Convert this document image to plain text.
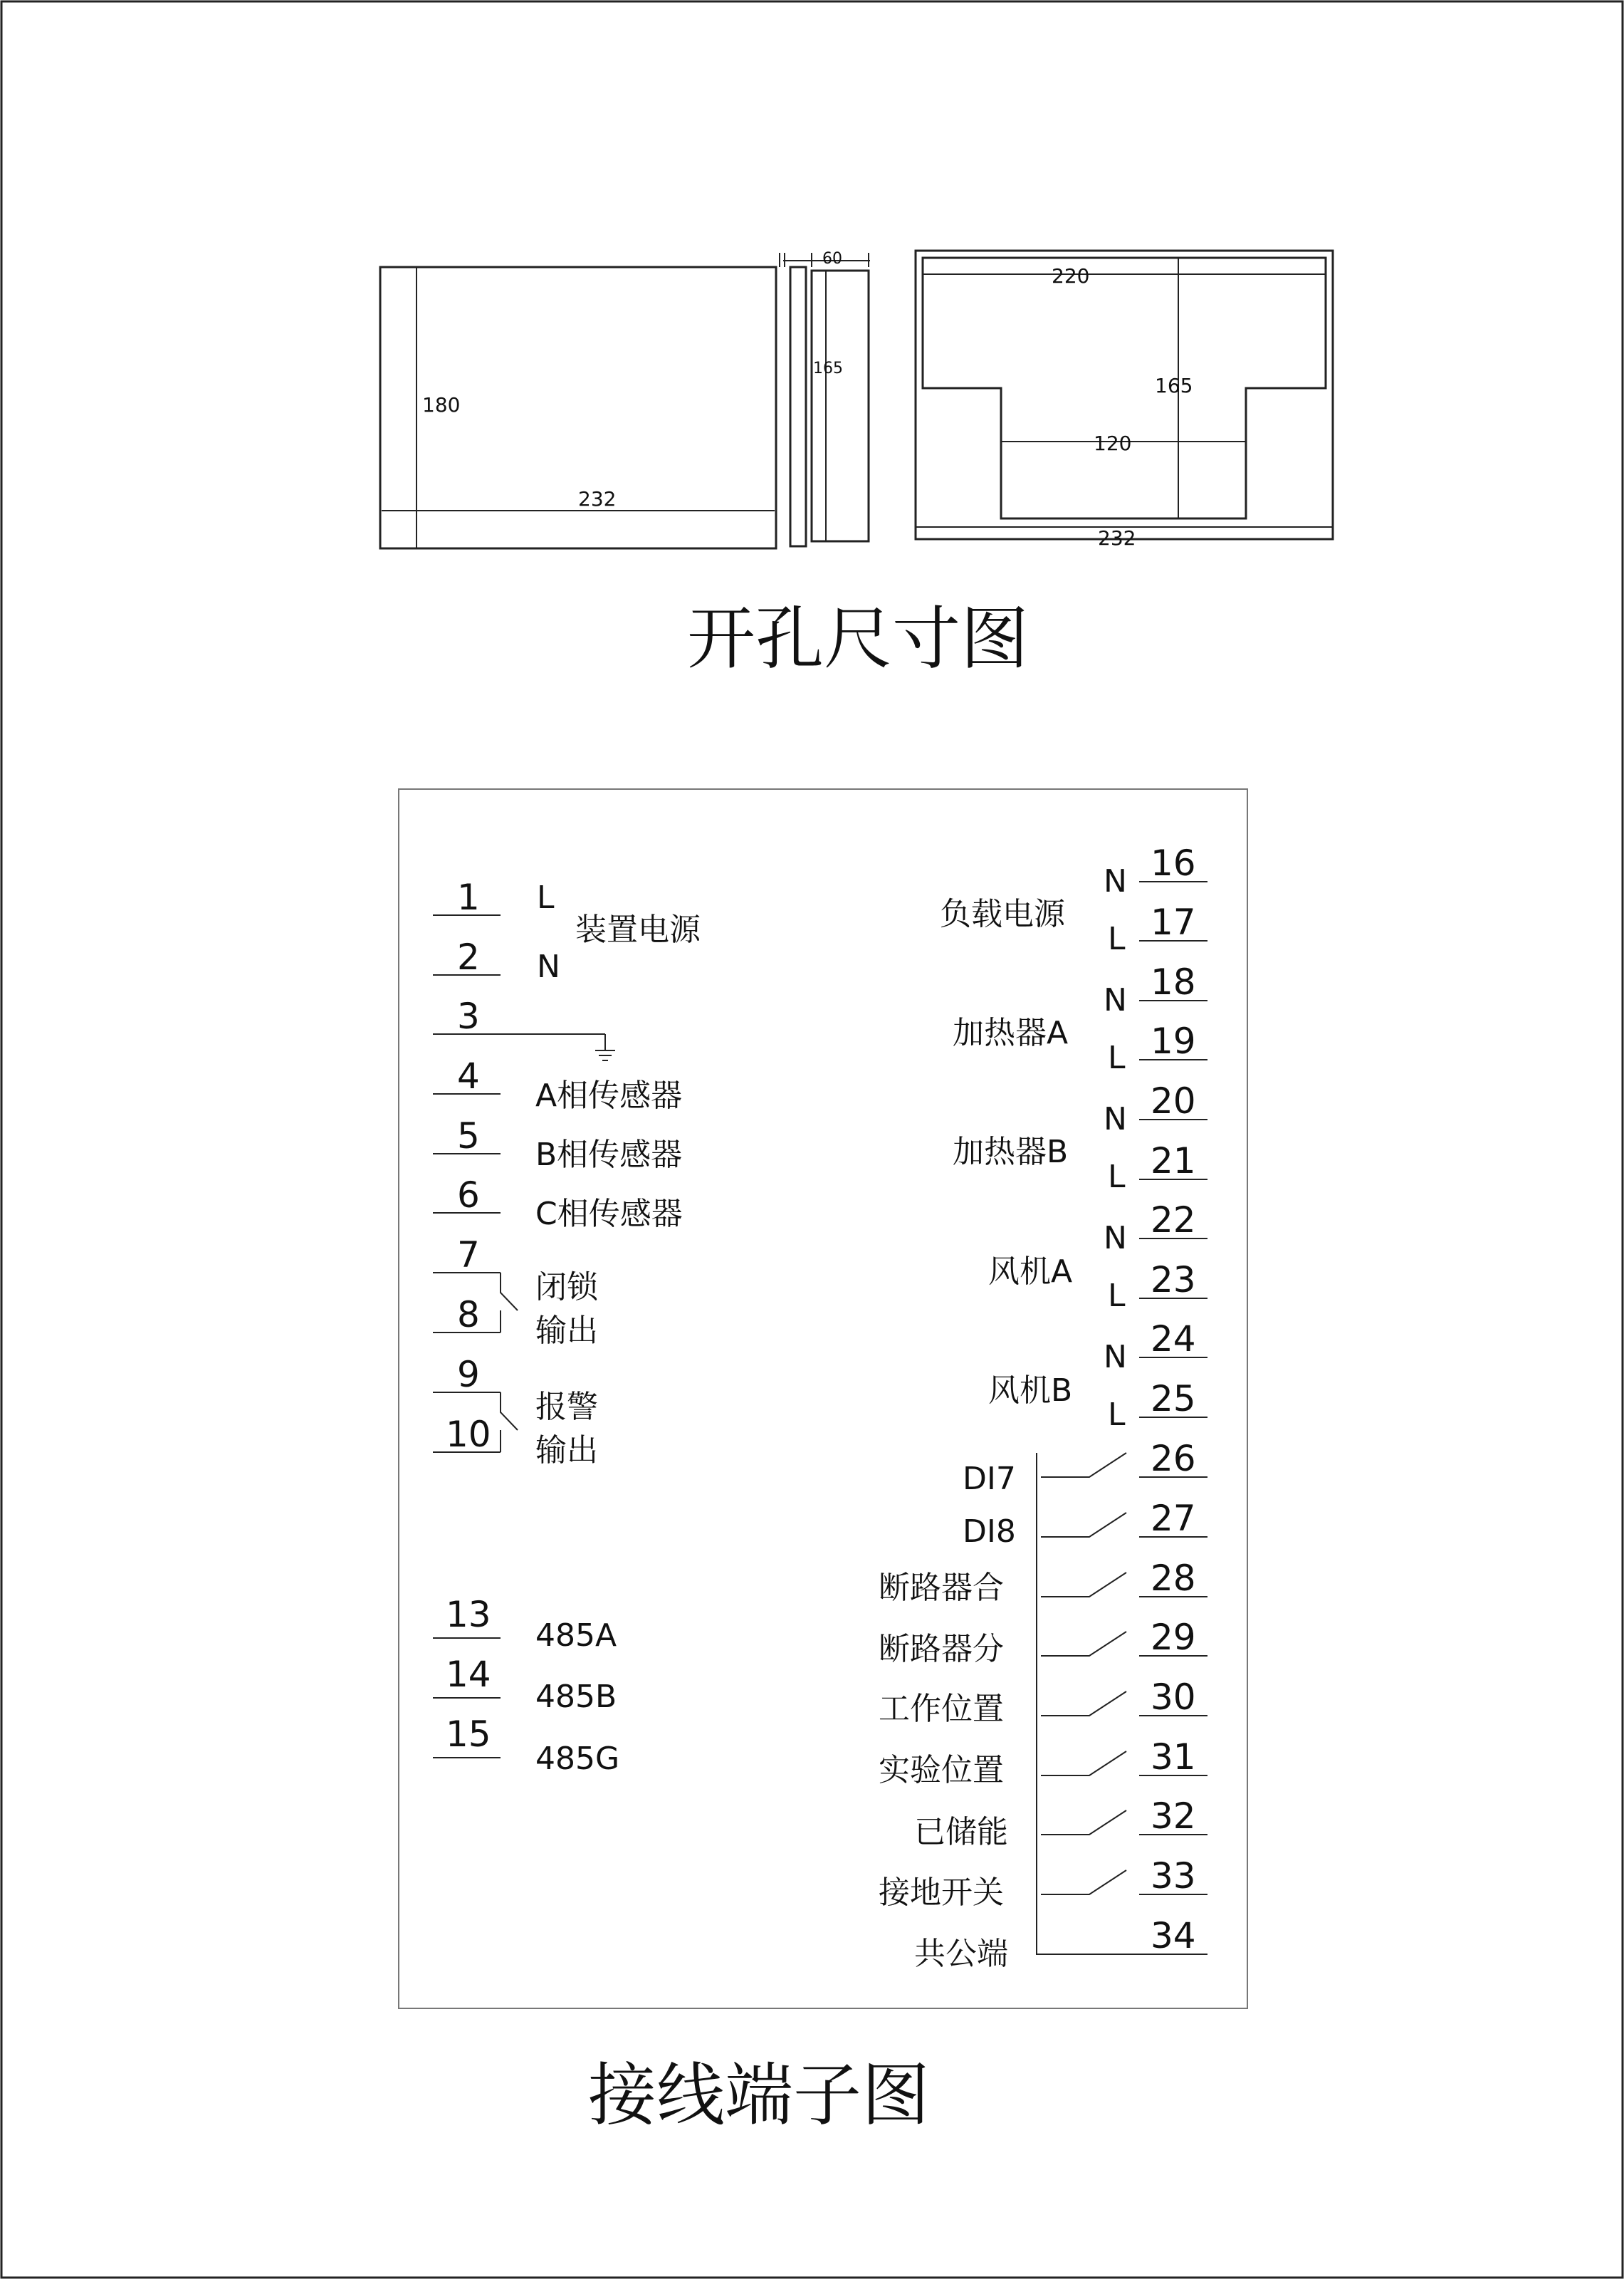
180
232
60
165
220
165
120
232
开孔尺寸图
1
2
3
4
5
6
7
8
9
10
13
14
15
L
N
装置电源
A相传感器
B相传感器
C相传感器
闭锁
输出
报警
输出
485A
485B
485G
16
17
18
19
20
21
22
23
24
25
26
27
28
29
30
31
32
33
34
N
L
N
L
N
L
N
L
N
L
负载电源
加热器A
加热器B
风机A
风机B
DI7
DI8
断路器合
断路器分
工作位置
实验位置
已储能
接地开关
共公端
接线端子图
